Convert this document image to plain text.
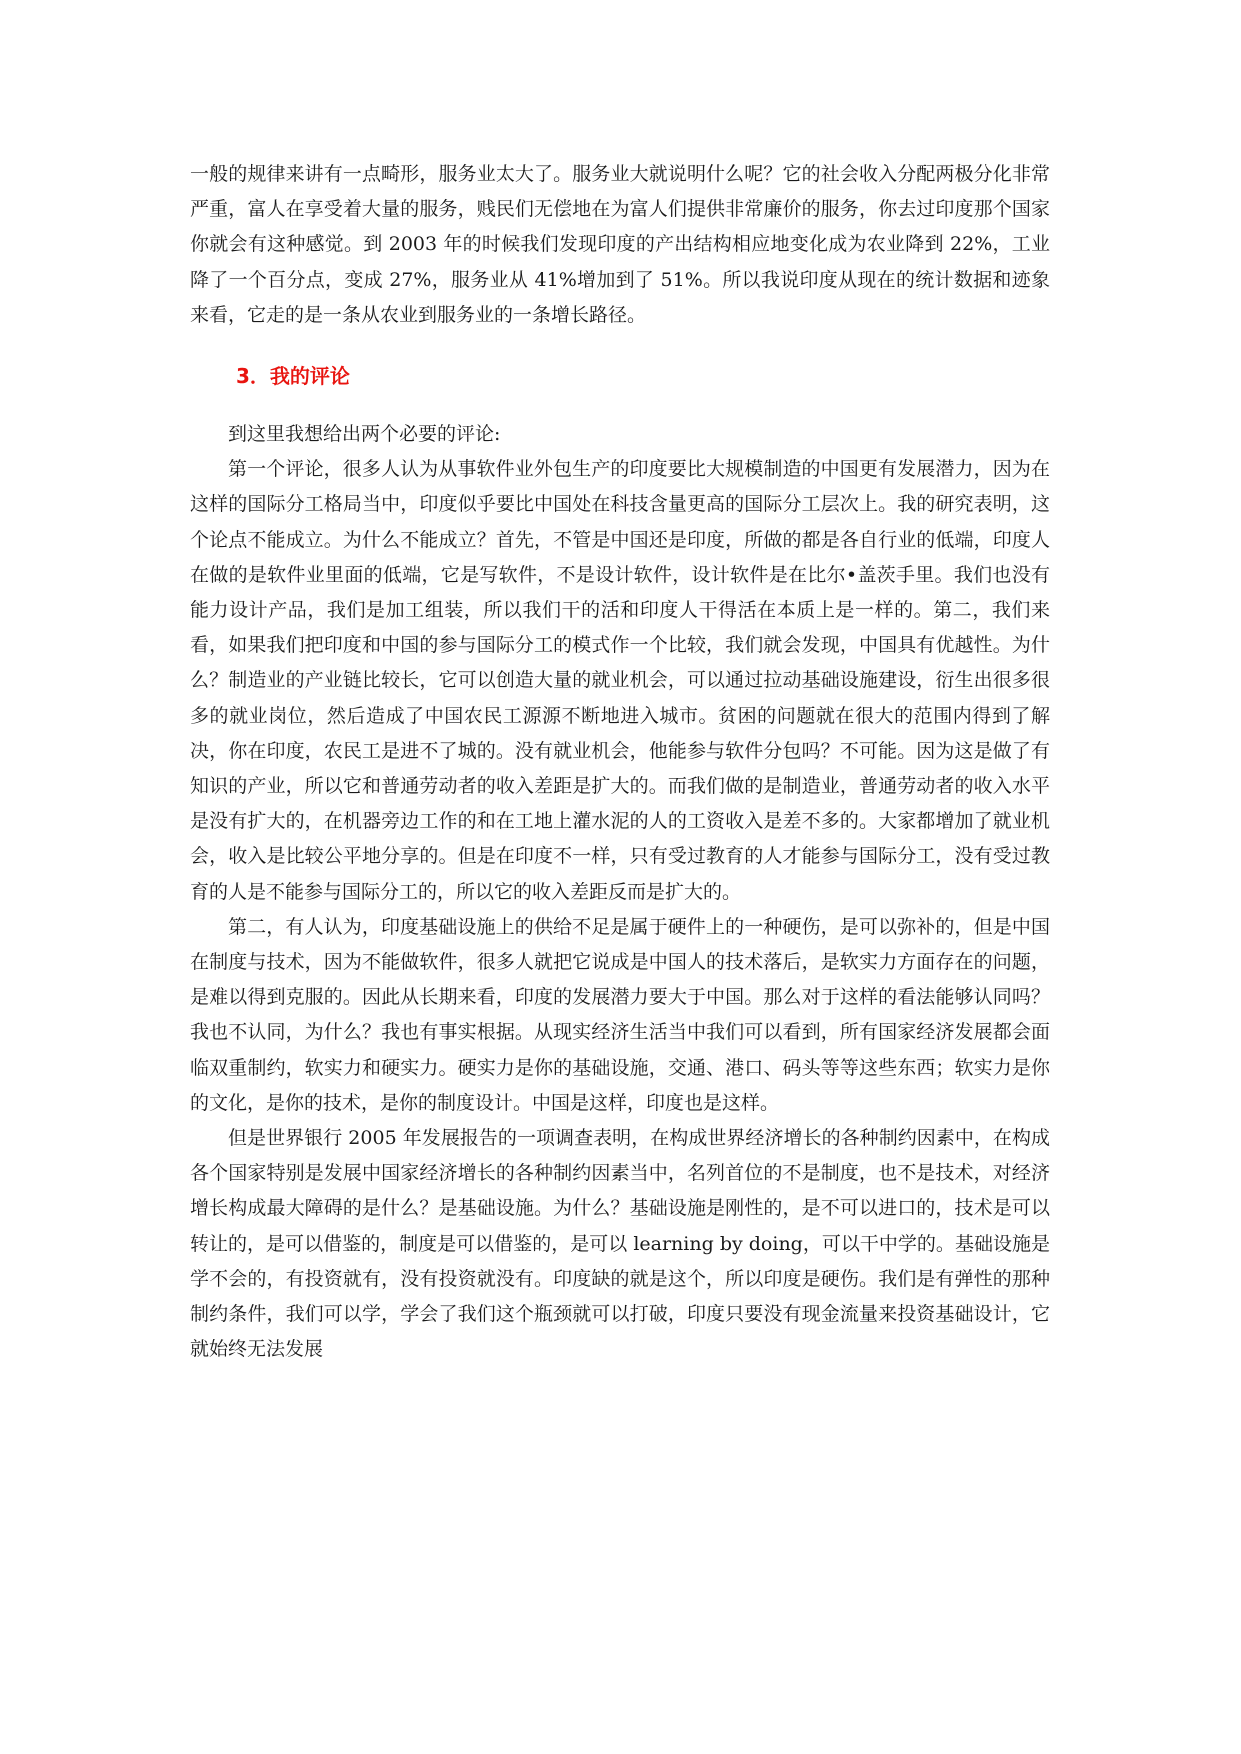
一般的规律来讲有一点畸形，服务业太大了。服务业大就说明什么呢？它的社会收入分配两极分化非常严重，富人在享受着大量的服务，贱民们无偿地在为富人们提供非常廉价的服务，你去过印度那个国家你就会有这种感觉。到 2003 年的时候我们发现印度的产出结构相应地变化成为农业降到 22%，工业降了一个百分点，变成 27%，服务业从 41%增加到了 51%。所以我说印度从现在的统计数据和迹象来看，它走的是一条从农业到服务业的一条增长路径。

3．我的评论

到这里我想给出两个必要的评论:

第一个评论，很多人认为从事软件业外包生产的印度要比大规模制造的中国更有发展潜力，因为在这样的国际分工格局当中，印度似乎要比中国处在科技含量更高的国际分工层次上。我的研究表明，这个论点不能成立。为什么不能成立？首先，不管是中国还是印度，所做的都是各自行业的低端，印度人在做的是软件业里面的低端，它是写软件，不是设计软件，设计软件是在比尔•盖茨手里。我们也没有能力设计产品，我们是加工组装，所以我们干的活和印度人干得活在本质上是一样的。第二，我们来看，如果我们把印度和中国的参与国际分工的模式作一个比较，我们就会发现，中国具有优越性。为什么？制造业的产业链比较长，它可以创造大量的就业机会，可以通过拉动基础设施建设，衍生出很多很多的就业岗位，然后造成了中国农民工源源不断地进入城市。贫困的问题就在很大的范围内得到了解决，你在印度，农民工是进不了城的。没有就业机会，他能参与软件分包吗？不可能。因为这是做了有知识的产业，所以它和普通劳动者的收入差距是扩大的。而我们做的是制造业，普通劳动者的收入水平是没有扩大的，在机器旁边工作的和在工地上灌水泥的人的工资收入是差不多的。大家都增加了就业机会，收入是比较公平地分享的。但是在印度不一样，只有受过教育的人才能参与国际分工，没有受过教育的人是不能参与国际分工的，所以它的收入差距反而是扩大的。

第二，有人认为，印度基础设施上的供给不足是属于硬件上的一种硬伤，是可以弥补的，但是中国在制度与技术，因为不能做软件，很多人就把它说成是中国人的技术落后，是软实力方面存在的问题，是难以得到克服的。因此从长期来看，印度的发展潜力要大于中国。那么对于这样的看法能够认同吗？我也不认同，为什么？我也有事实根据。从现实经济生活当中我们可以看到，所有国家经济发展都会面临双重制约，软实力和硬实力。硬实力是你的基础设施，交通、港口、码头等等这些东西；软实力是你的文化，是你的技术，是你的制度设计。中国是这样，印度也是这样。

但是世界银行 2005 年发展报告的一项调查表明，在构成世界经济增长的各种制约因素中，在构成各个国家特别是发展中国家经济增长的各种制约因素当中，名列首位的不是制度，也不是技术，对经济增长构成最大障碍的是什么？是基础设施。为什么？基础设施是刚性的，是不可以进口的，技术是可以转让的，是可以借鉴的，制度是可以借鉴的，是可以 learning by doing，可以干中学的。基础设施是学不会的，有投资就有，没有投资就没有。印度缺的就是这个，所以印度是硬伤。我们是有弹性的那种制约条件，我们可以学，学会了我们这个瓶颈就可以打破，印度只要没有现金流量来投资基础设计，它就始终无法发展
